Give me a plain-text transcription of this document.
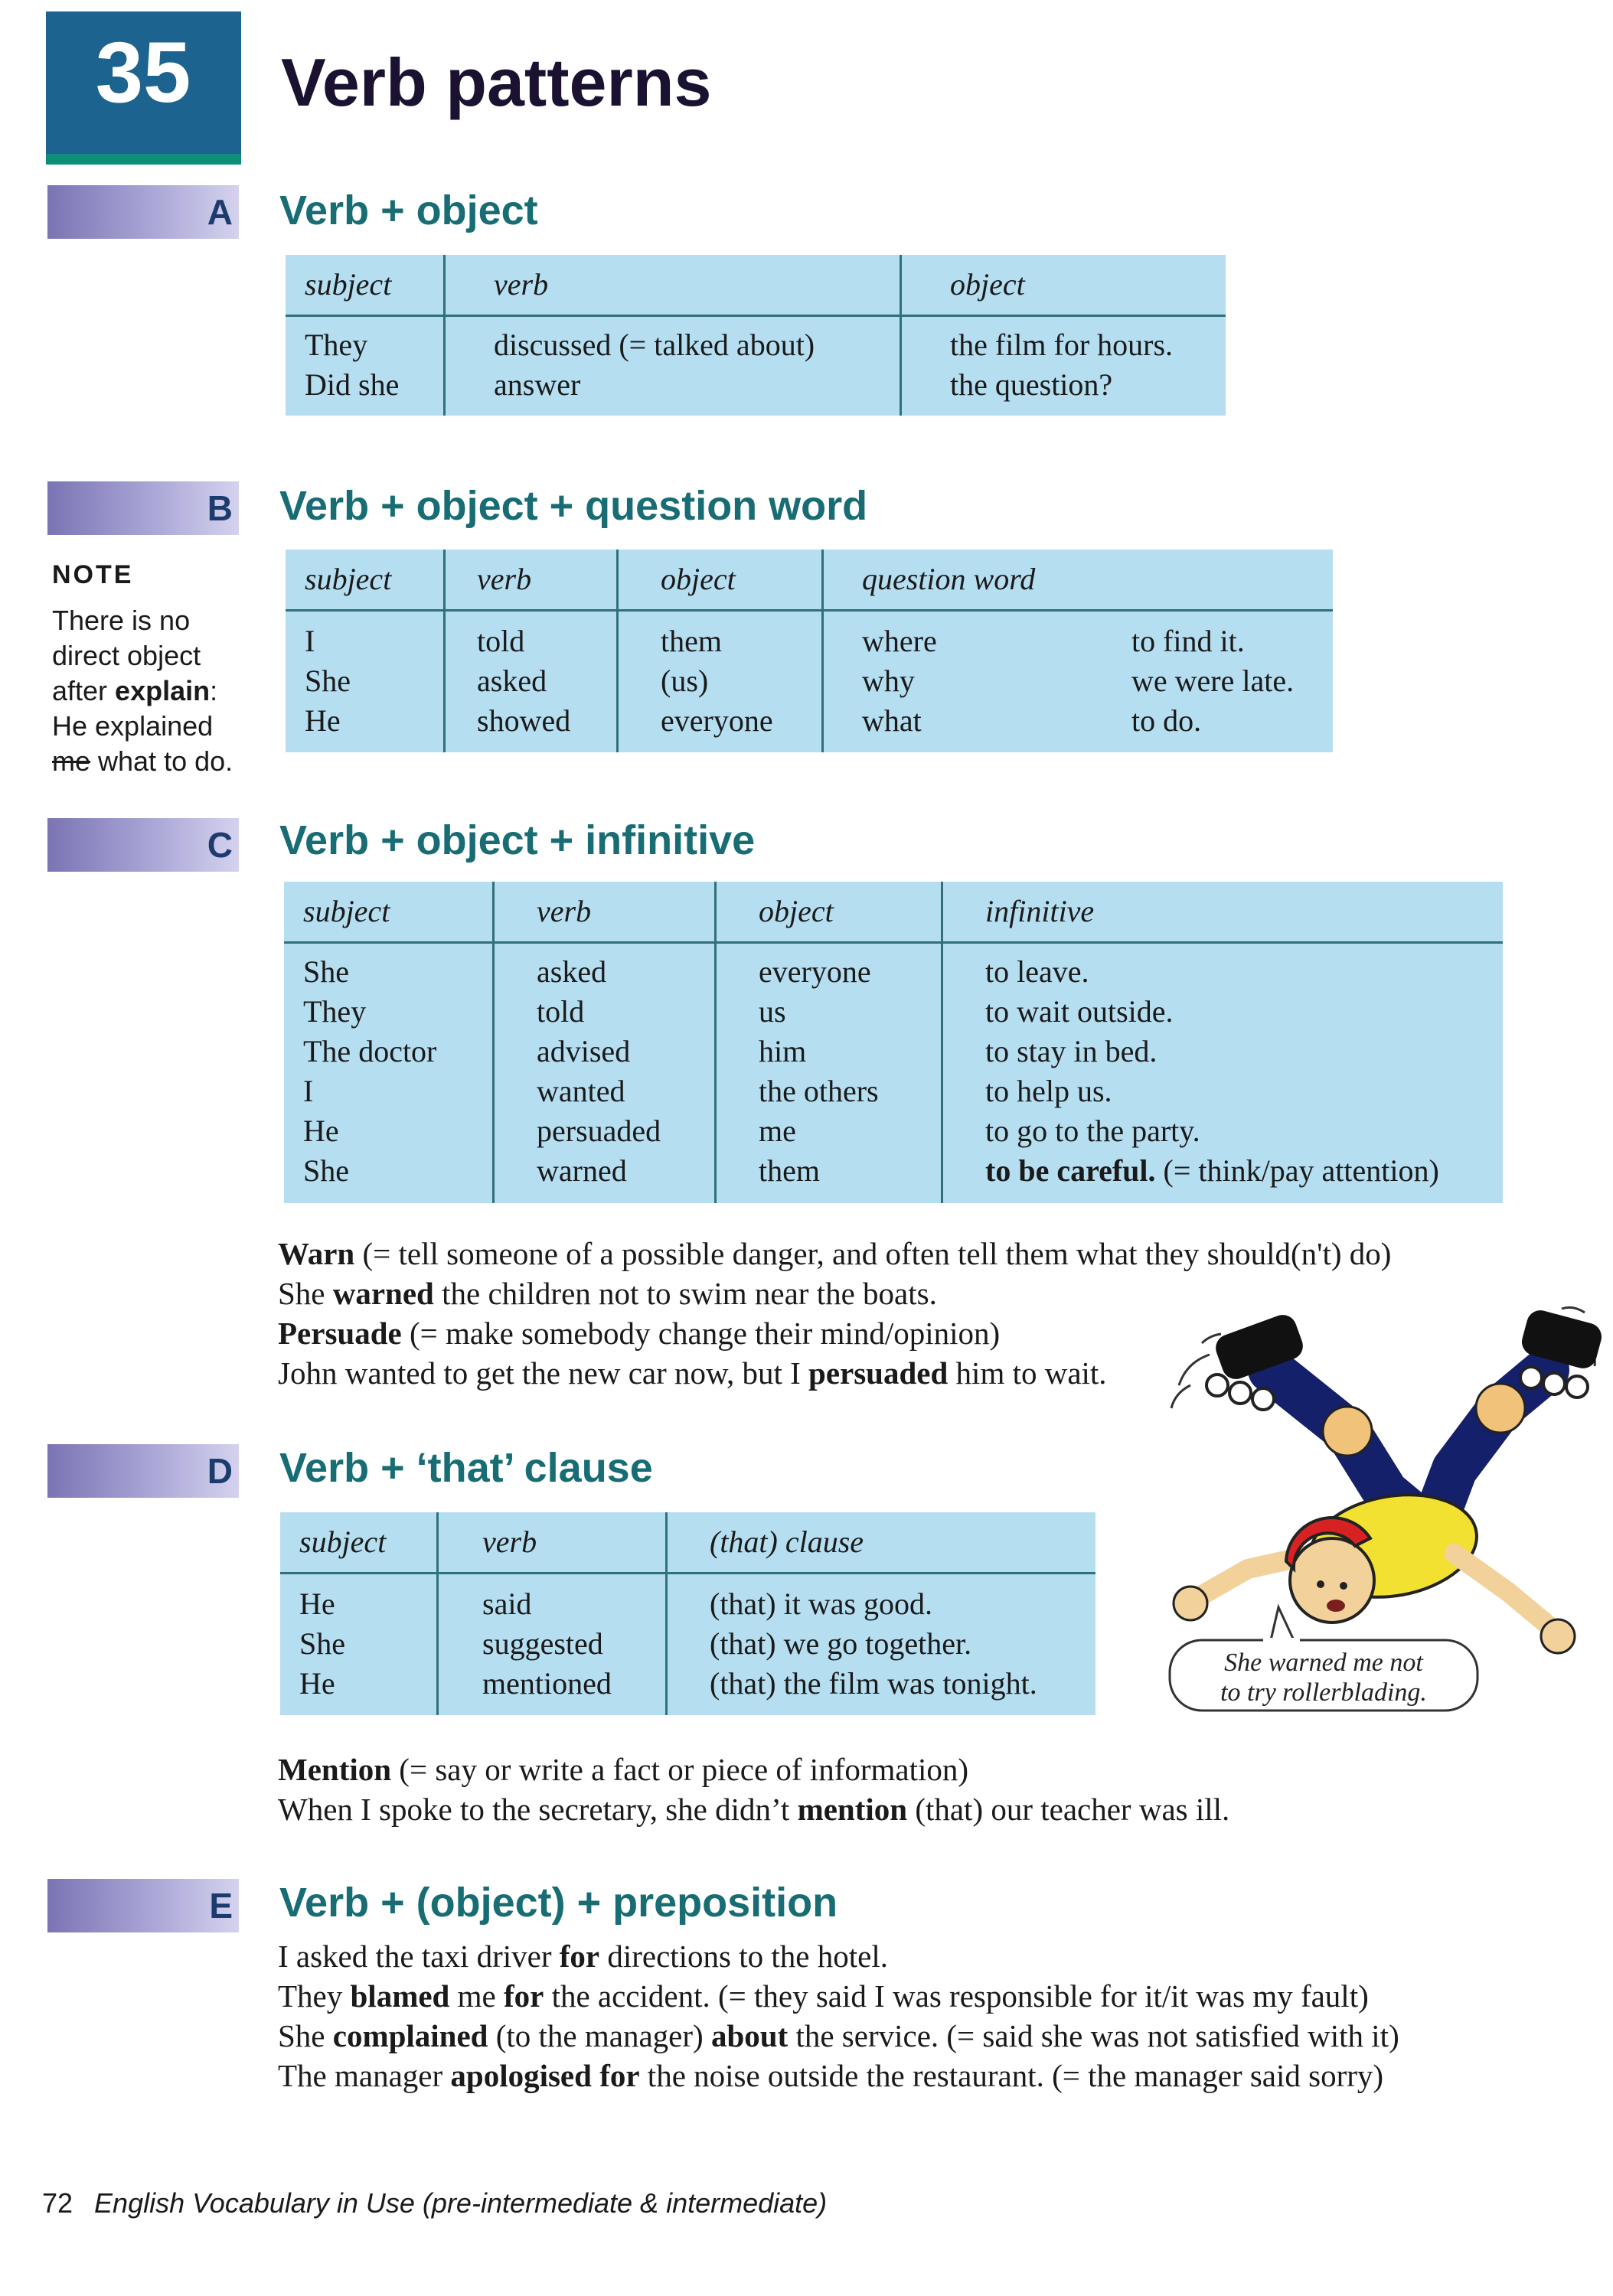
35	Verb patterns
A Verb + object
subject	verb	object
They	discussed (= talked about)	the film for hours.
Did she	answer	the question?
B Verb + object + question word
NOTE
There is no
direct object
after explain:
He explained
me what to do.
subject	verb	object	question word
I	told	them	where	to find it.
She	asked	(us)	why	we were late.
He	showed	everyone	what	to do.
C Verb + object + infinitive
subject	verb	object	infinitive
She	asked	everyone	to leave.
They	told	us	to wait outside.
The doctor	advised	him	to stay in bed.
I	wanted	the others	to help us.
He	persuaded	me	to go to the party.
She	warned	them	to be careful. (= think/pay attention)
Warn (= tell someone of a possible danger, and often tell them what they should(n't) do)
She warned the children not to swim near the boats.
Persuade (= make somebody change their mind/opinion)
John wanted to get the new car now, but I persuaded him to wait.
She warned me not
to try rollerblading.
D Verb + ‘that’ clause
subject	verb	(that) clause
He	said	(that) it was good.
She	suggested	(that) we go together.
He	mentioned	(that) the film was tonight.
Mention (= say or write a fact or piece of information)
When I spoke to the secretary, she didn’t mention (that) our teacher was ill.
E Verb + (object) + preposition
I asked the taxi driver for directions to the hotel.
They blamed me for the accident. (= they said I was responsible for it/it was my fault)
She complained (to the manager) about the service. (= said she was not satisfied with it)
The manager apologised for the noise outside the restaurant. (= the manager said sorry)
72 English Vocabulary in Use (pre-intermediate & intermediate)
